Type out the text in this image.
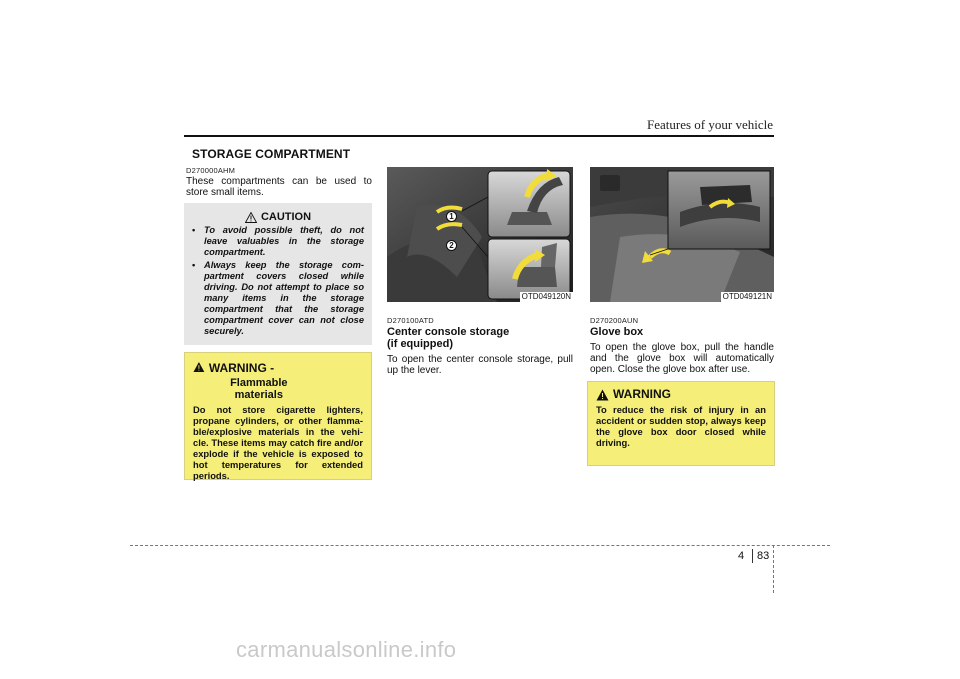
Features of your vehicle
STORAGE COMPARTMENT
D270000AHM
These compartments can be used to store small items.
CAUTION
• To avoid possible theft, do not leave valuables in the storage compartment.
• Always keep the storage com-partment covers closed while driving. Do not attempt to place so many items in the storage compartment that the storage compartment cover can not close securely.
WARNING - Flammable materials
Do not store cigarette lighters, propane cylinders, or other flamma-ble/explosive materials in the vehi-cle. These items may catch fire and/or explode if the vehicle is exposed to hot temperatures for extended periods.
1
2
OTD049120N
D270100ATD
Center console storage
(if equipped)
To open the center console storage, pull up the lever.
OTD049121N
D270200AUN
Glove box
To open the glove box, pull the handle and the glove box will automatically open. Close the glove box after use.
WARNING
To reduce the risk of injury in an accident or sudden stop, always keep the glove box door closed while driving.
4 83
carmanualsonline.info
